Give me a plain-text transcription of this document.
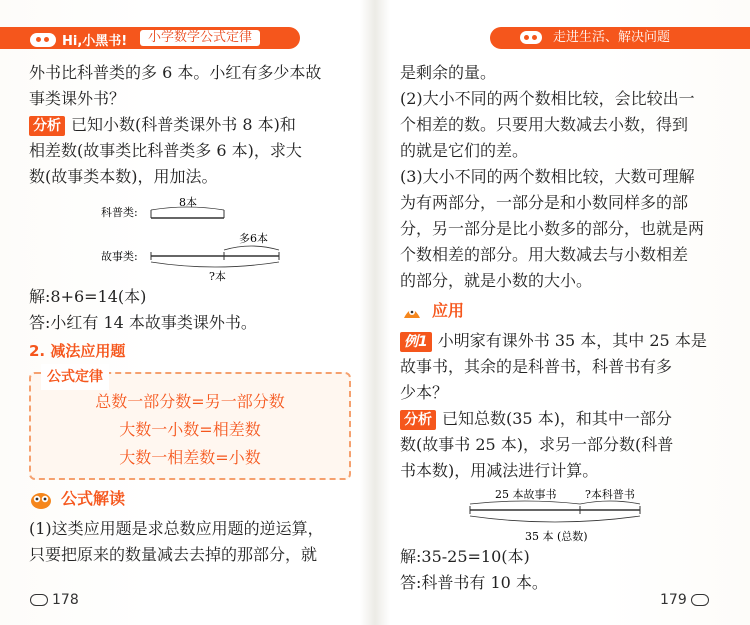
Hi,小黑书!	小学数学公式定律	走进生活、解决问题

外书比科普类的多 6 本。小红有多少本故

事类课外书？

分析 已知小数(科普类课外书 8 本)和

相差数(故事类比科普类多 6 本)，求大

数(故事类本数)，用加法。

科普类:
8本
多6本
故事类:
?本

解:8+6=14(本)

答:小红有 14 本故事类课外书。

2. 减法应用题
公式定律
总数一部分数=另一部分数
大数一小数=相差数
大数一相差数=小数
公式解读

(1)这类应用题是求总数应用题的逆运算，

只要把原来的数量减去去掉的那部分，就

178

是剩余的量。

(2)大小不同的两个数相比较，会比较出一

个相差的数。只要用大数减去小数，得到

的就是它们的差。

(3)大小不同的两个数相比较，大数可理解

为有两部分，一部分是和小数同样多的部

分，另一部分是比小数多的部分，也就是两

个数相差的部分。用大数减去与小数相差

的部分，就是小数的大小。

应用

例1 小明家有课外书 35 本，其中 25 本是

故事书，其余的是科普书，科普书有多

少本？

分析 已知总数(35 本)，和其中一部分

数(故事书 25 本)，求另一部分数(科普

书本数)，用减法进行计算。

25 本故事书	?本科普书
35 本 (总数)

解:35-25=10(本)

答:科普书有 10 本。

179
